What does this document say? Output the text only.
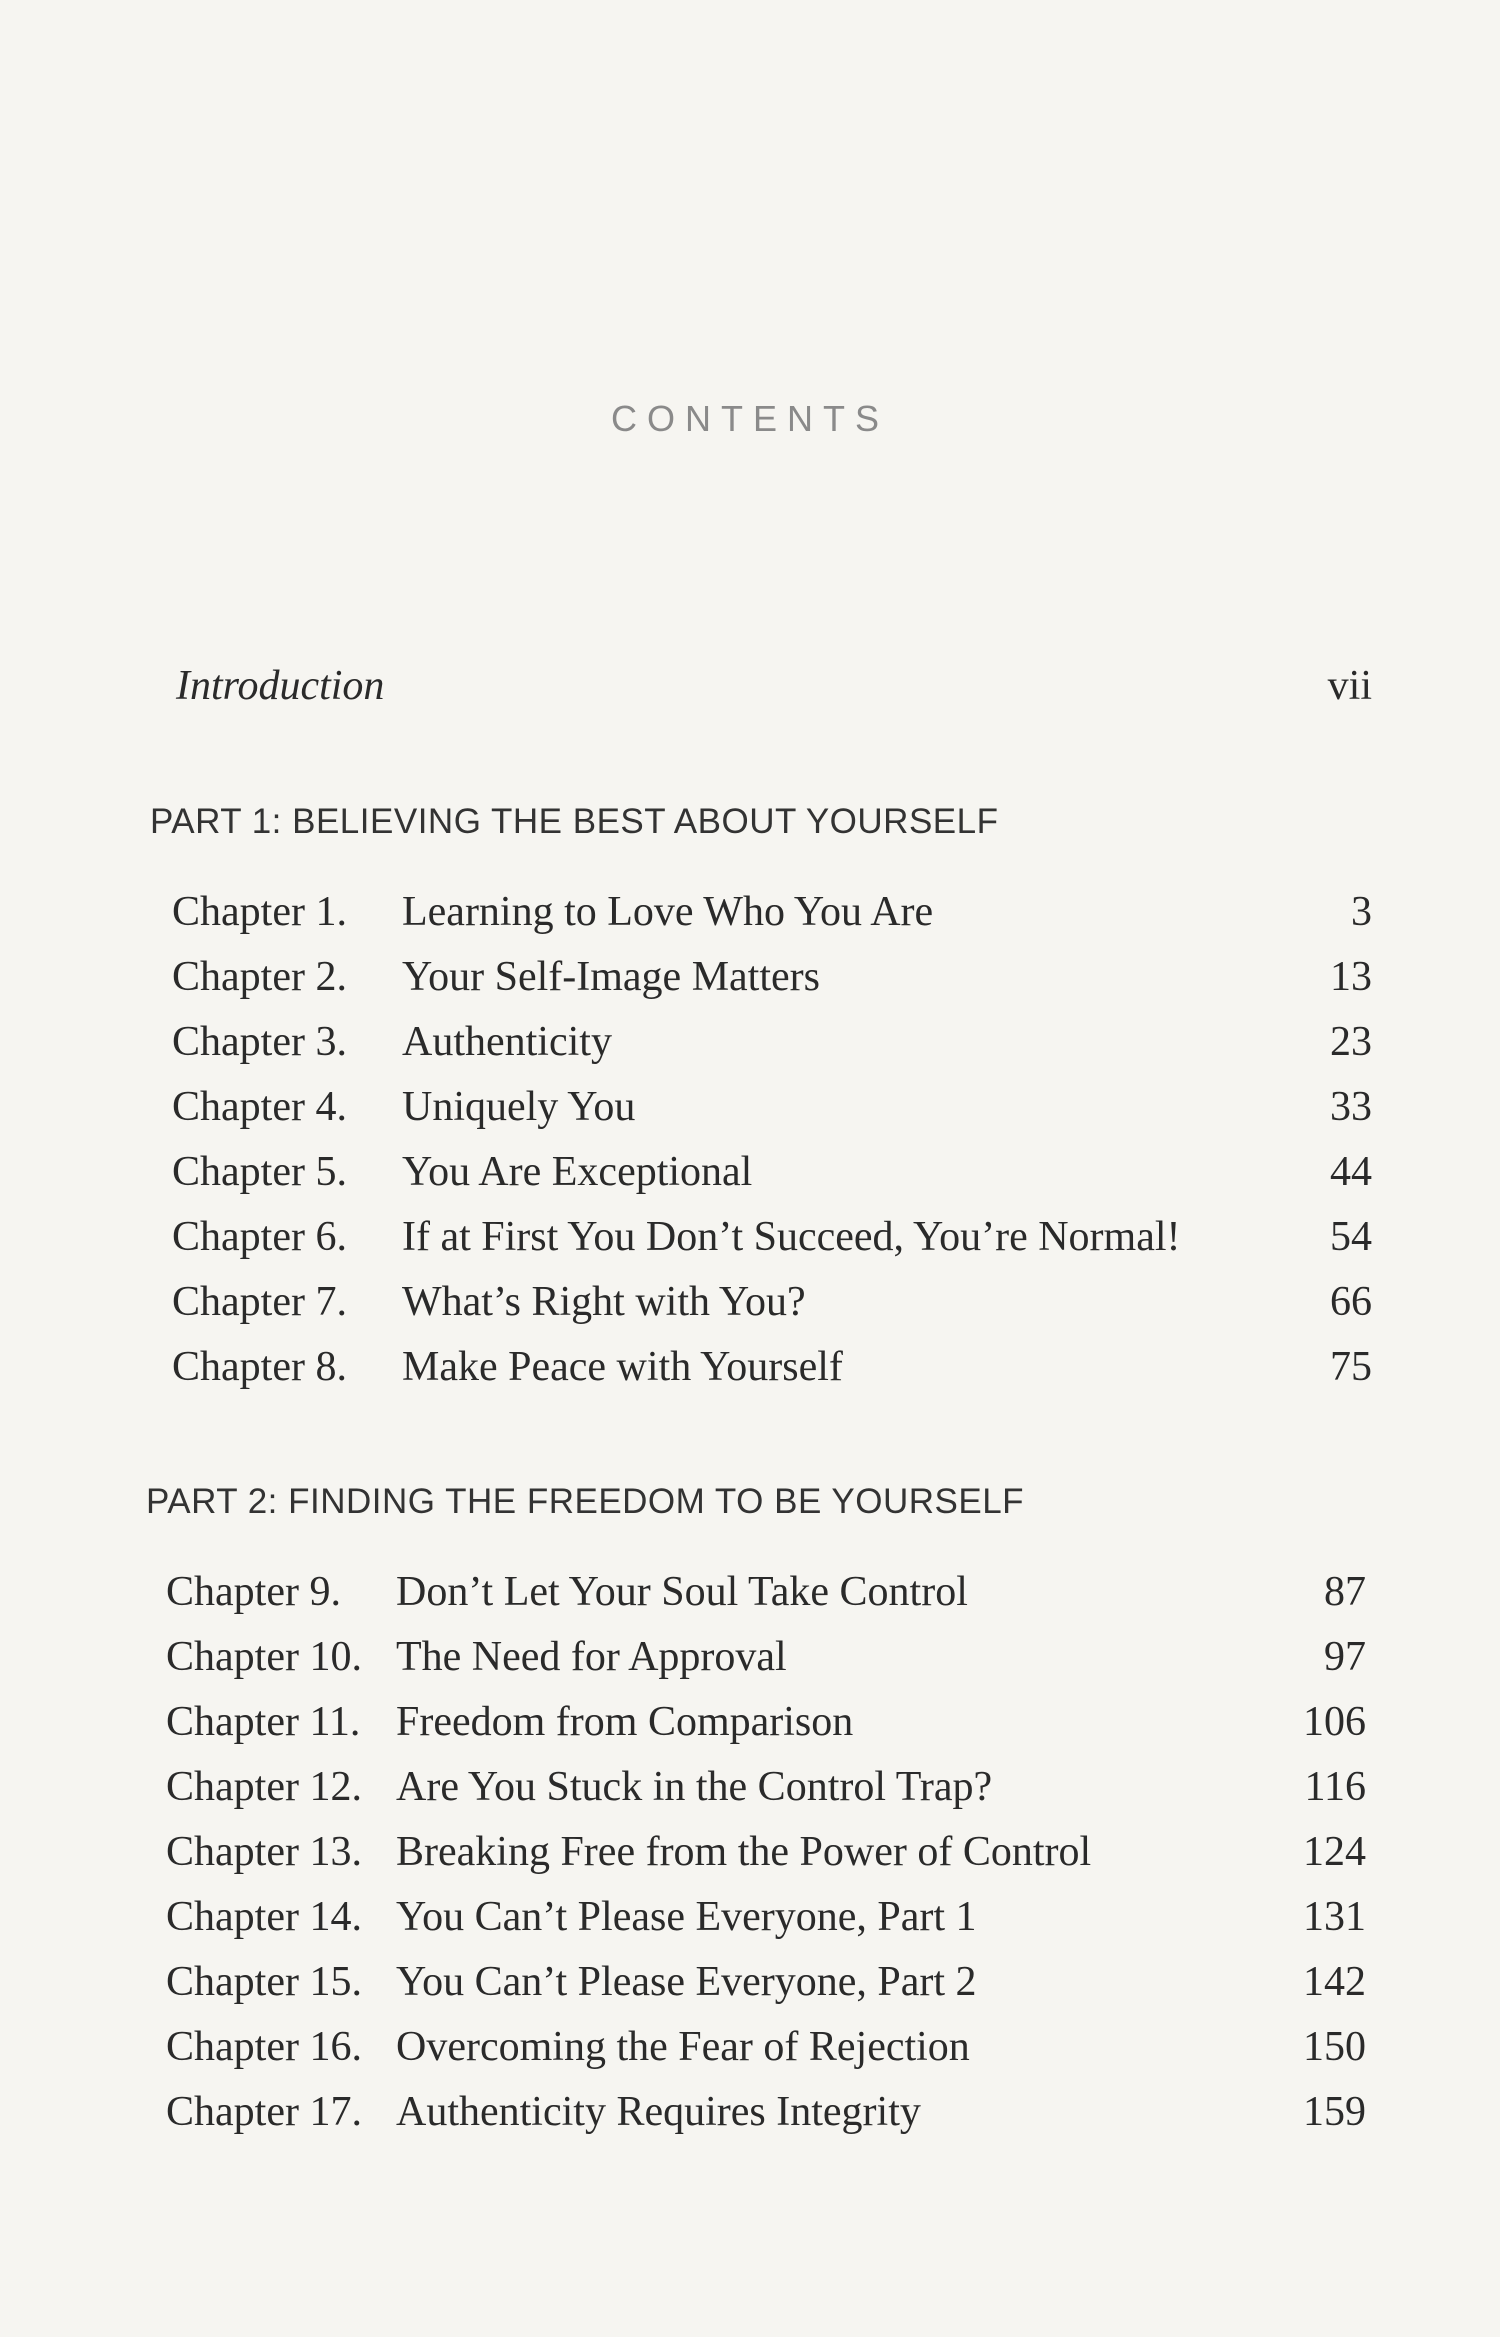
CONTENTS
Introduction	vii
PART 1: BELIEVING THE BEST ABOUT YOURSELF
Chapter 1.	Learning to Love Who You Are	3
Chapter 2.	Your Self-Image Matters	13
Chapter 3.	Authenticity	23
Chapter 4.	Uniquely You	33
Chapter 5.	You Are Exceptional	44
Chapter 6.	If at First You Don’t Succeed, You’re Normal!	54
Chapter 7.	What’s Right with You?	66
Chapter 8.	Make Peace with Yourself	75
PART 2: FINDING THE FREEDOM TO BE YOURSELF
Chapter 9.	Don’t Let Your Soul Take Control	87
Chapter 10. The Need for Approval	97
Chapter 11. Freedom from Comparison	106
Chapter 12. Are You Stuck in the Control Trap?	116
Chapter 13. Breaking Free from the Power of Control	124
Chapter 14. You Can’t Please Everyone, Part 1	131
Chapter 15. You Can’t Please Everyone, Part 2	142
Chapter 16. Overcoming the Fear of Rejection	150
Chapter 17. Authenticity Requires Integrity	159
